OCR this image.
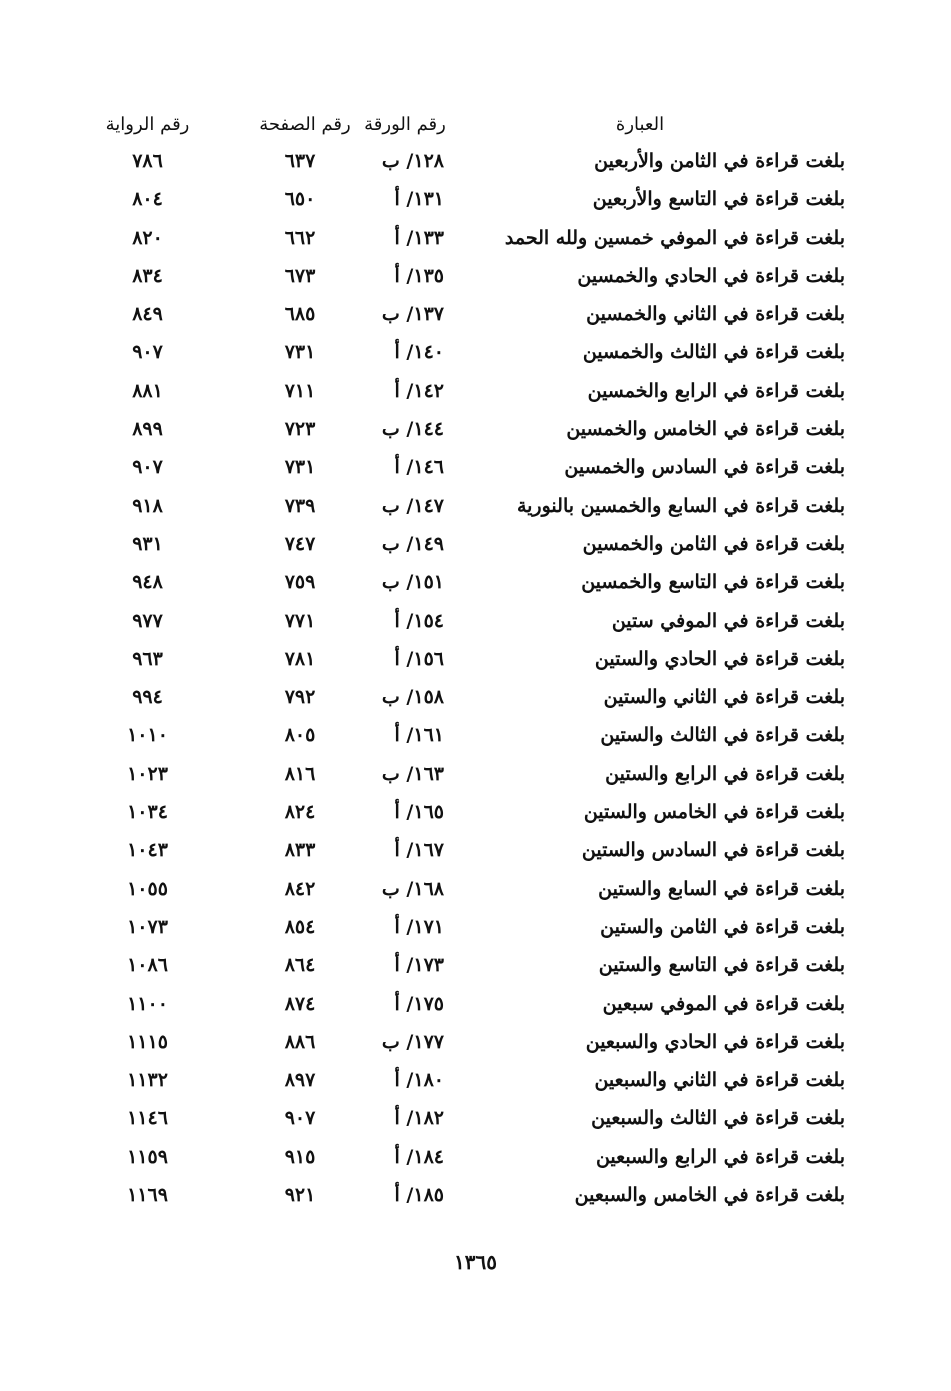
العبارة
رقم الورقة
رقم الصفحة
رقم الرواية
بلغت قراءة في الثامن والأربعين
١٢٨/ ب
٦٣٧
٧٨٦
بلغت قراءة في التاسع والأربعين
١٣١/ أ
٦٥٠
٨٠٤
بلغت قراءة في الموفي خمسين ولله الحمد
١٣٣/ أ
٦٦٢
٨٢٠
بلغت قراءة في الحادي والخمسين
١٣٥/ أ
٦٧٣
٨٣٤
بلغت قراءة في الثاني والخمسين
١٣٧/ ب
٦٨٥
٨٤٩
بلغت قراءة في الثالث والخمسين
١٤٠/ أ
٧٣١
٩٠٧
بلغت قراءة في الرابع والخمسين
١٤٢/ أ
٧١١
٨٨١
بلغت قراءة في الخامس والخمسين
١٤٤/ ب
٧٢٣
٨٩٩
بلغت قراءة في السادس والخمسين
١٤٦/ أ
٧٣١
٩٠٧
بلغت قراءة في السابع والخمسين بالنورية
١٤٧/ ب
٧٣٩
٩١٨
بلغت قراءة في الثامن والخمسين
١٤٩/ ب
٧٤٧
٩٣١
بلغت قراءة في التاسع والخمسين
١٥١/ ب
٧٥٩
٩٤٨
بلغت قراءة في الموفي ستين
١٥٤/ أ
٧٧١
٩٧٧
بلغت قراءة في الحادي والستين
١٥٦/ أ
٧٨١
٩٦٣
بلغت قراءة في الثاني والستين
١٥٨/ ب
٧٩٢
٩٩٤
بلغت قراءة في الثالث والستين
١٦١/ أ
٨٠٥
١٠١٠
بلغت قراءة في الرابع والستين
١٦٣/ ب
٨١٦
١٠٢٣
بلغت قراءة في الخامس والستين
١٦٥/ أ
٨٢٤
١٠٣٤
بلغت قراءة في السادس والستين
١٦٧/ أ
٨٣٣
١٠٤٣
بلغت قراءة في السابع والستين
١٦٨/ ب
٨٤٢
١٠٥٥
بلغت قراءة في الثامن والستين
١٧١/ أ
٨٥٤
١٠٧٣
بلغت قراءة في التاسع والستين
١٧٣/ أ
٨٦٤
١٠٨٦
بلغت قراءة في الموفي سبعين
١٧٥/ أ
٨٧٤
١١٠٠
بلغت قراءة في الحادي والسبعين
١٧٧/ ب
٨٨٦
١١١٥
بلغت قراءة في الثاني والسبعين
١٨٠/ أ
٨٩٧
١١٣٢
بلغت قراءة في الثالث والسبعين
١٨٢/ أ
٩٠٧
١١٤٦
بلغت قراءة في الرابع والسبعين
١٨٤/ أ
٩١٥
١١٥٩
بلغت قراءة في الخامس والسبعين
١٨٥/ أ
٩٢١
١١٦٩
١٣٦٥
